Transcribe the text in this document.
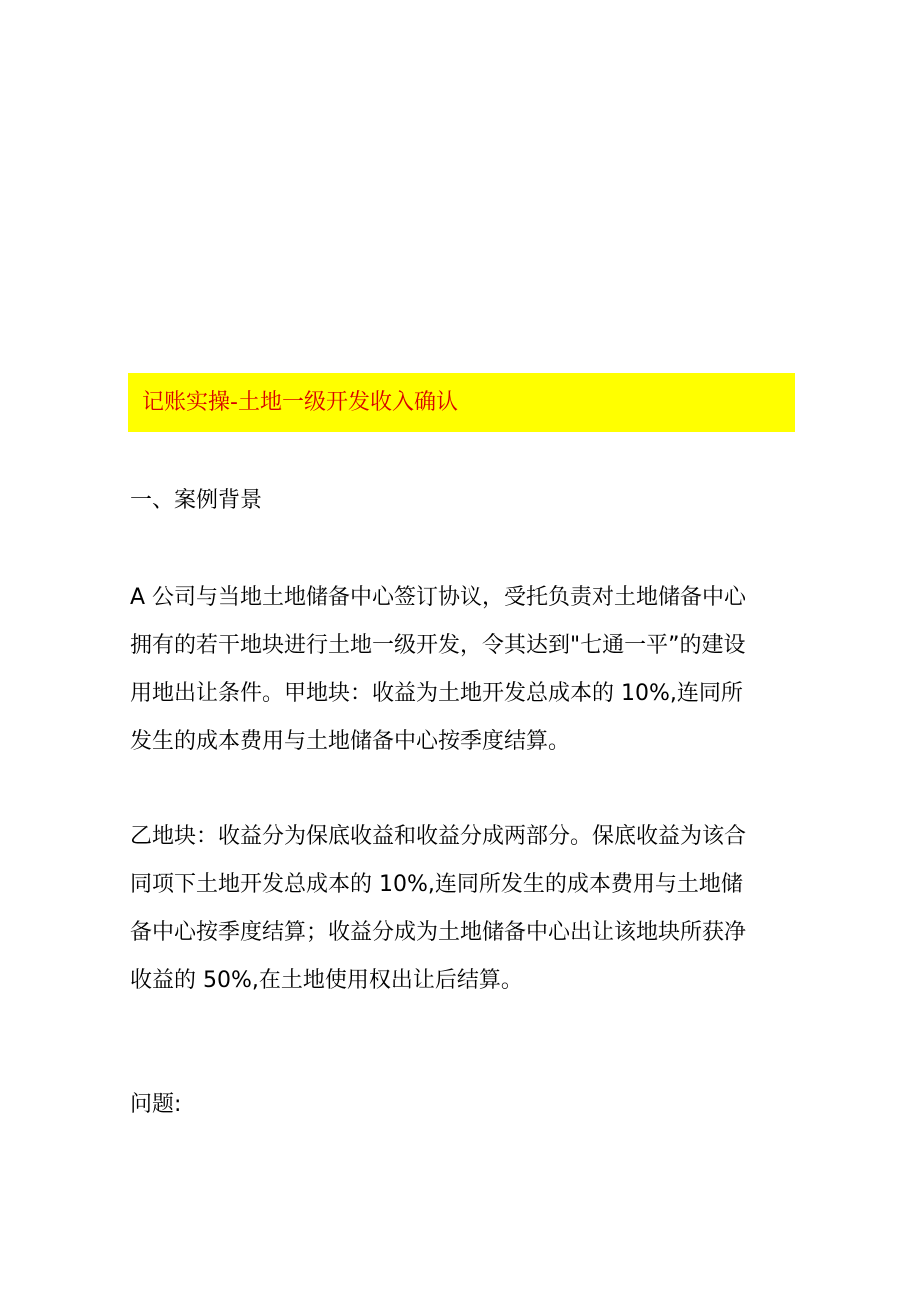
记账实操-土地一级开发收入确认
一、案例背景
A 公司与当地土地储备中心签订协议，受托负责对土地储备中心
拥有的若干地块进行土地一级开发，令其达到"七通一平”的建设
用地出让条件。甲地块：收益为土地开发总成本的 10%,连同所
发生的成本费用与土地储备中心按季度结算。
乙地块：收益分为保底收益和收益分成两部分。保底收益为该合
同项下土地开发总成本的 10%,连同所发生的成本费用与土地储
备中心按季度结算；收益分成为土地储备中心出让该地块所获净
收益的 50%,在土地使用权出让后结算。
问题:
